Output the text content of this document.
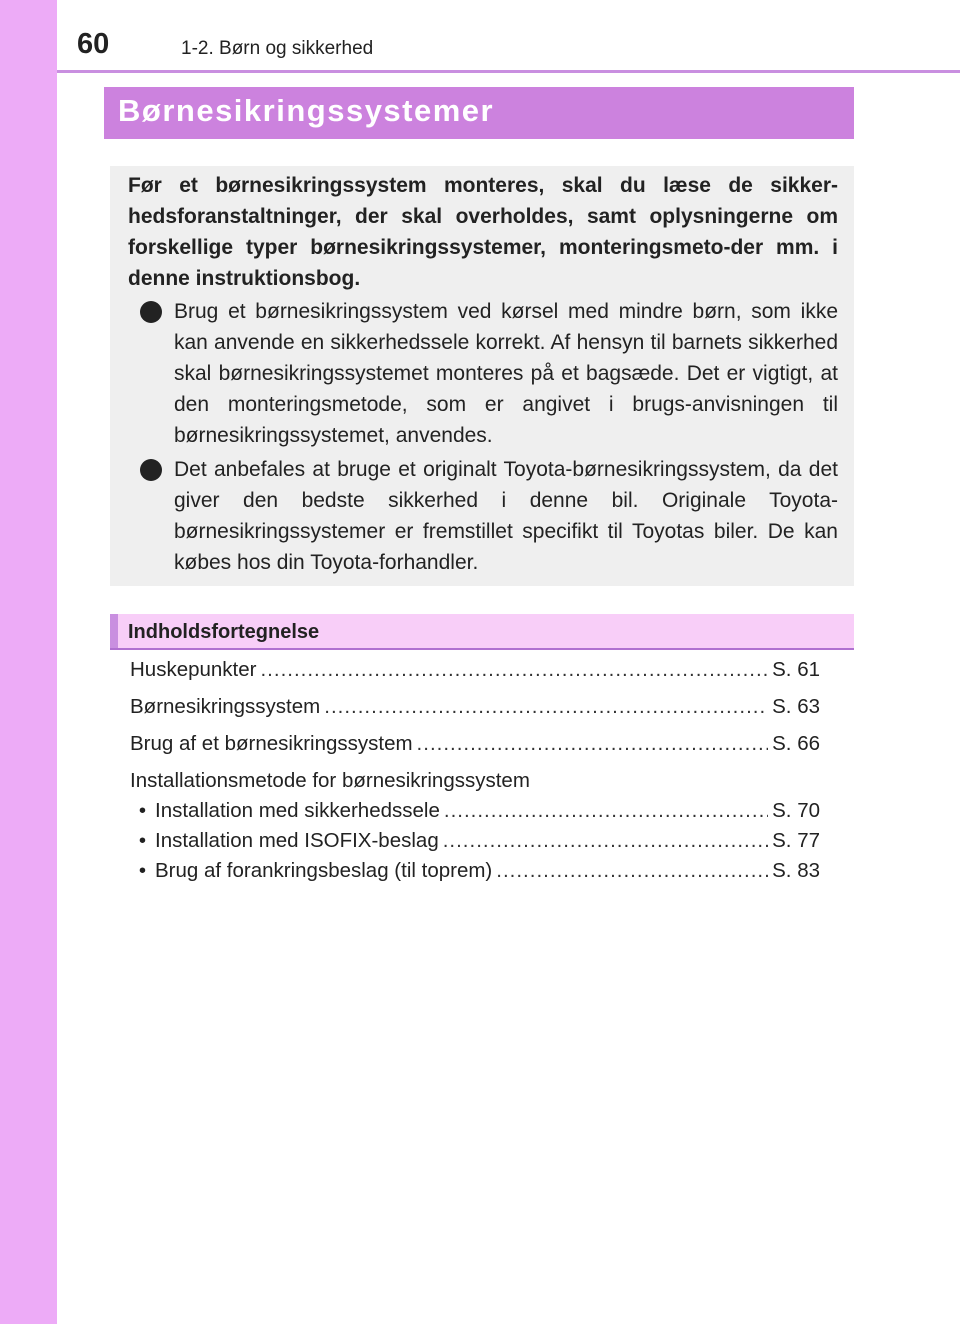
60	1-2. Børn og sikkerhed
Børnesikringssystemer

Før et børnesikringssystem monteres, skal du læse de sikker-hedsforanstaltninger, der skal overholdes, samt oplysningerne om forskellige typer børnesikringssystemer, monteringsmeto-der mm. i denne instruktionsbog.

Brug et børnesikringssystem ved kørsel med mindre børn, som ikke kan anvende en sikkerhedssele korrekt. Af hensyn til barnets sikkerhed skal børnesikringssystemet monteres på et bagsæde. Det er vigtigt, at den monteringsmetode, som er angivet i brugs-anvisningen til børnesikringssystemet, anvendes.
Det anbefales at bruge et originalt Toyota-børnesikringssystem, da det giver den bedste sikkerhed i denne bil. Originale Toyota-børnesikringssystemer er fremstillet specifikt til Toyotas biler. De kan købes hos din Toyota-forhandler.
Indholdsfortegnelse
Huskepunkter .....	S. 61
Børnesikringssystem .....	S. 63
Brug af et børnesikringssystem .....	S. 66
Installationsmetode for børnesikringssystem
• Installation med sikkerhedssele .....	S. 70
• Installation med ISOFIX-beslag .....	S. 77
• Brug af forankringsbeslag (til toprem) .....	S. 83
